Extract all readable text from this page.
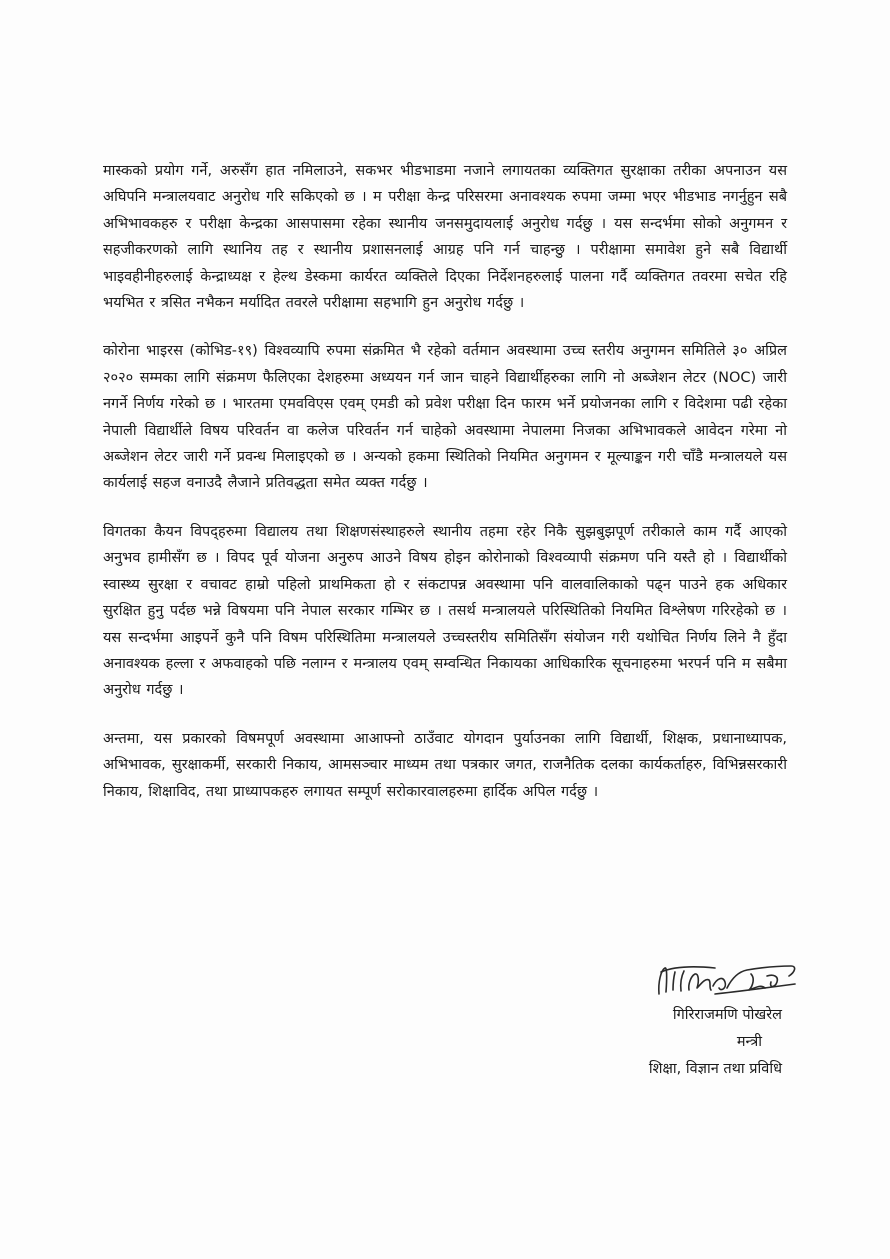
मास्कको प्रयोग गर्ने, अरुसँग हात नमिलाउने, सकभर भीडभाडमा नजाने लगायतका व्यक्तिगत सुरक्षाका तरीका अपनाउन यस अघिपनि मन्त्रालयवाट अनुरोध गरि सकिएको छ । म परीक्षा केन्द्र परिसरमा अनावश्यक रुपमा जम्मा भएर भीडभाड नगर्नुहुन सबै अभिभावकहरु र परीक्षा केन्द्रका आसपासमा रहेका स्थानीय जनसमुदायलाई अनुरोध गर्दछु । यस सन्दर्भमा सोको अनुगमन र सहजीकरणको लागि स्थानिय तह र स्थानीय प्रशासनलाई आग्रह पनि गर्न चाहन्छु । परीक्षामा समावेश हुने सबै विद्यार्थी भाइवहीनीहरुलाई केन्द्राध्यक्ष र हेल्थ डेस्कमा कार्यरत व्यक्तिले दिएका निर्देशनहरुलाई पालना गर्दै व्यक्तिगत तवरमा सचेत रहि भयभित र त्रसित नभैकन मर्यादित तवरले परीक्षामा सहभागि हुन अनुरोध गर्दछु ।

कोरोना भाइरस (कोभिड-१९) विश्वव्यापि रुपमा संक्रमित भै रहेको वर्तमान अवस्थामा उच्च स्तरीय अनुगमन समितिले ३० अप्रिल २०२० सम्मका लागि संक्रमण फैलिएका देशहरुमा अध्ययन गर्न जान चाहने विद्यार्थीहरुका लागि नो अब्जेशन लेटर (NOC) जारी नगर्ने निर्णय गरेको छ । भारतमा एमवविएस एवम् एमडी को प्रवेश परीक्षा दिन फारम भर्ने प्रयोजनका लागि र विदेशमा पढी रहेका नेपाली विद्यार्थीले विषय परिवर्तन वा कलेज परिवर्तन गर्न चाहेको अवस्थामा नेपालमा निजका अभिभावकले आवेदन गरेमा नो अब्जेशन लेटर जारी गर्ने प्रवन्ध मिलाइएको छ । अन्यको हकमा स्थितिको नियमित अनुगमन र मूल्याङ्कन गरी चाँडै मन्त्रालयले यस कार्यलाई सहज वनाउदै लैजाने प्रतिवद्धता समेत व्यक्त गर्दछु ।

विगतका कैयन विपद्हरुमा विद्यालय तथा शिक्षणसंस्थाहरुले स्थानीय तहमा रहेर निकै सुझबुझपूर्ण तरीकाले काम गर्दै आएको अनुभव हामीसँग छ । विपद पूर्व योजना अनुरुप आउने विषय होइन कोरोनाको विश्वव्यापी संक्रमण पनि यस्तै हो । विद्यार्थीको स्वास्थ्य सुरक्षा र वचावट हाम्रो पहिलो प्राथमिकता हो र संकटापन्न अवस्थामा पनि वालवालिकाको पढ्न पाउने हक अधिकार सुरक्षित हुनु पर्दछ भन्ने विषयमा पनि नेपाल सरकार गम्भिर छ । तसर्थ मन्त्रालयले परिस्थितिको नियमित विश्लेषण गरिरहेको छ । यस सन्दर्भमा आइपर्ने कुनै पनि विषम परिस्थितिमा मन्त्रालयले उच्चस्तरीय समितिसँग संयोजन गरी यथोचित निर्णय लिने नै हुँदा अनावश्यक हल्ला र अफवाहको पछि नलाग्न र मन्त्रालय एवम् सम्वन्धित निकायका आधिकारिक सूचनाहरुमा भरपर्न पनि म सबैमा अनुरोध गर्दछु ।

अन्तमा, यस प्रकारको विषमपूर्ण अवस्थामा आआफ्नो ठाउँवाट योगदान पुर्याउनका लागि विद्यार्थी, शिक्षक, प्रधानाध्यापक, अभिभावक, सुरक्षाकर्मी, सरकारी निकाय, आमसञ्चार माध्यम तथा पत्रकार जगत, राजनैतिक दलका कार्यकर्ताहरु, विभिन्नसरकारी निकाय, शिक्षाविद, तथा प्राध्यापकहरु लगायत सम्पूर्ण सरोकारवालहरुमा हार्दिक अपिल गर्दछु ।

गिरिराजमणि पोखरेल
मन्त्री
शिक्षा, विज्ञान तथा प्रविधि
